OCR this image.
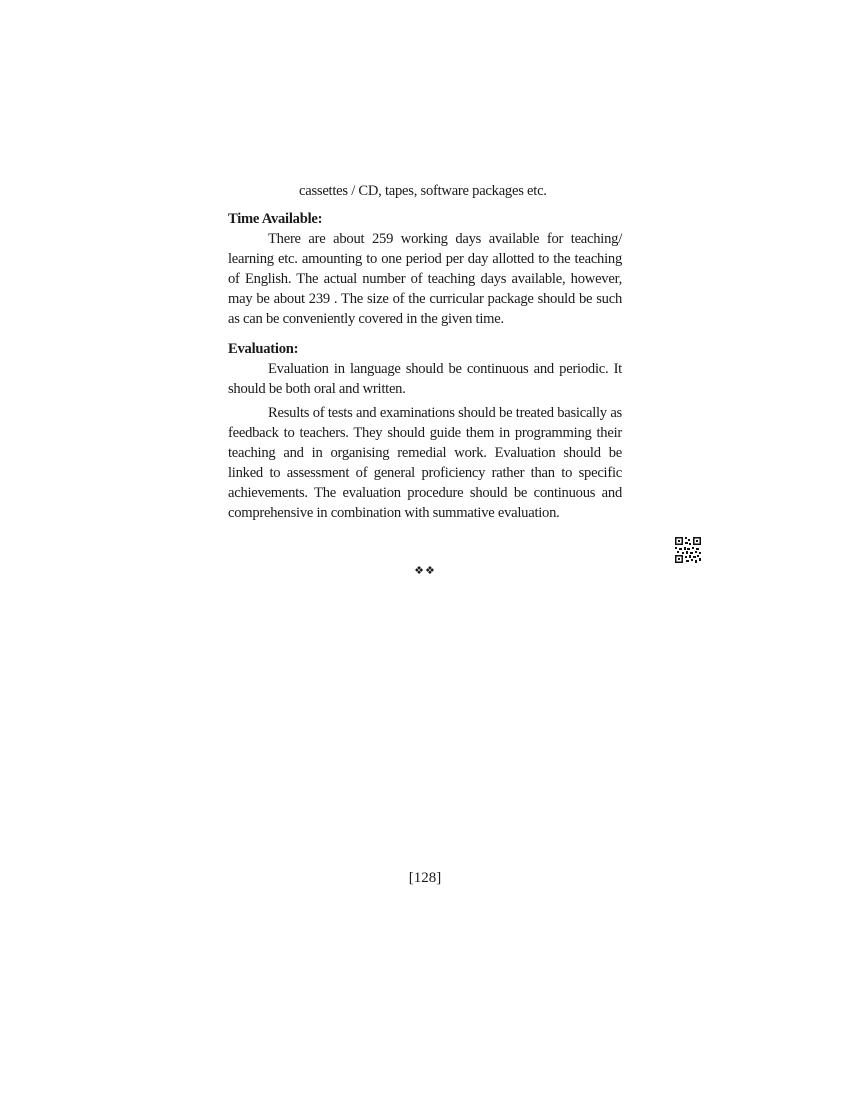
cassettes / CD, tapes, software packages etc.

Time Available:

There are about 259 working days available for teaching/ learning etc. amounting to one period per day allotted to the teaching of English. The actual number of teaching days available, however, may be about 239 . The size of the curricular package should be such as can be conveniently covered in the given time.

Evaluation:

Evaluation in language should be continuous and periodic. It should be both oral and written.

Results of tests and examinations should be treated basically as feedback to teachers. They should guide them in programming their teaching and in organising remedial work. Evaluation should be linked to assessment of general proficiency rather than to specific achievements. The evaluation procedure should be continuous and comprehensive in combination with summative evaluation.

❖❖
[128]
